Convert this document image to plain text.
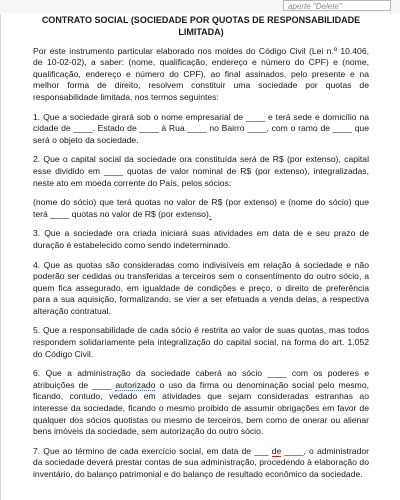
aperte "Delete"
CONTRATO SOCIAL (SOCIEDADE POR QUOTAS DE RESPONSABILIDADE LIMITADA)

Por este instrumento particular elaborado nos moldes do Código Civil (Lei n.º 10.406, de 10-02-02), a saber: (nome, qualificação, endereço e número do CPF) e (nome, qualificação, endereço e número do CPF), ao final assinados, pelo presente e na melhor forma de direito, resolvem constituir uma sociedade por quotas de responsabilidade limitada, nos termos seguintes:

1. Que a sociedade girará sob o nome empresarial de ____ e terá sede e domicílio na cidade de ____. Estado de ____ à Rua ____ no Bairro ____, com o ramo de ____ que será o objeto da sociedade.

2. Que o capital social da sociedade ora constituída será de R$ (por extenso), capital esse dividido em ____ quotas de valor nominal de R$ (por extenso), integralizadas, neste ato em moeda corrente do País, pelos sócios:

(nome do sócio) que terá quotas no valor de R$ (por extenso) e (nome do sócio) que terá ____ quotas no valor de R$ (por extenso).

3. Que a sociedade ora criada iniciará suas atividades em data de e seu prazo de duração é estabelecido como sendo indeterminado.

4. Que as quotas são consideradas como indivisíveis em relação à sociedade e não poderão ser cedidas ou transferidas a terceiros sem o consentimento do outro sócio, a quem fica assegurado, em igualdade de condições e preço, o direito de preferência para a sua aquisição, formalizando, se vier a ser efetuada a venda delas, a respectiva alteração contratual.

5. Que a responsabilidade de cada sócio é restrita ao valor de suas quotas, mas todos respondem solidariamente pela integralização do capital social, na forma do art. 1.052 do Código Civil.

6. Que a administração da sociedade caberá ao sócio ____ com os poderes e atribuições de ____ autorizado o uso da firma ou denominação social pelo mesmo, ficando, contudo, vedado em atividades que sejam consideradas estranhas ao interesse da sociedade, ficando o mesmo proibido de assumir obrigações em favor de qualquer dos sócios quotistas ou mesmo de terceiros, bem como de onerar ou alienar bens imóveis da sociedade, sem autorização do outro sócio.

7. Que ao término de cada exercício social, em data de ___ de ____, o administrador da sociedade deverá prestar contas de sua administração, procedendo à elaboração do inventário, do balanço patrimonial e do balanço de resultado econômico da sociedade.
